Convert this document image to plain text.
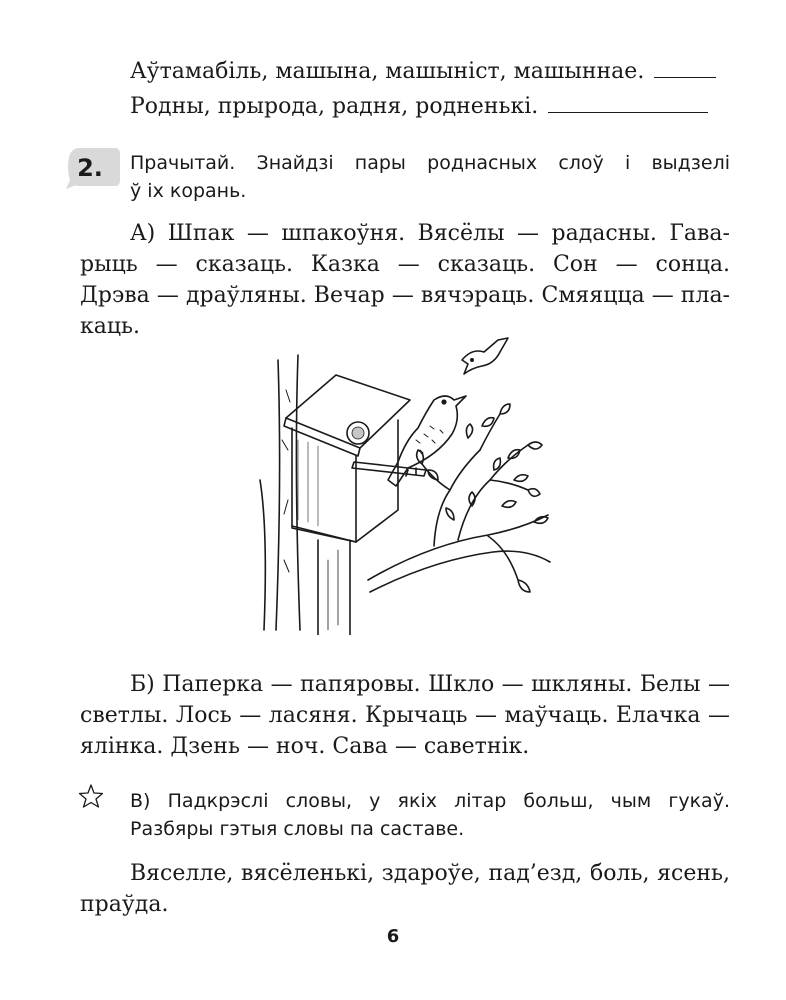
Аўтамабіль, машына, машыніст, машыннае.
Родны, прырода, радня, родненькі.
2.	Прачытай. Знайдзі пары роднасных слоў і выдзелі
ў іх корань.
А) Шпак — шпакоўня. Вясёлы — радасны. Гава-
рыць — сказаць. Казка — сказаць. Сон — сонца.
Дрэва — драўляны. Вечар — вячэраць. Смяяцца — пла-
каць.
Б) Паперка — папяровы. Шкло — шкляны. Белы —
светлы. Лось — ласяня. Крычаць — маўчаць. Елачка —
ялінка. Дзень — ноч. Сава — саветнік.
В) Падкрэслі словы, у якіх літар больш, чым гукаў.
Разбяры гэтыя словы па саставе.
Вяселле, вясёленькі, здароўе, пад’езд, боль, ясень,
праўда.
6
